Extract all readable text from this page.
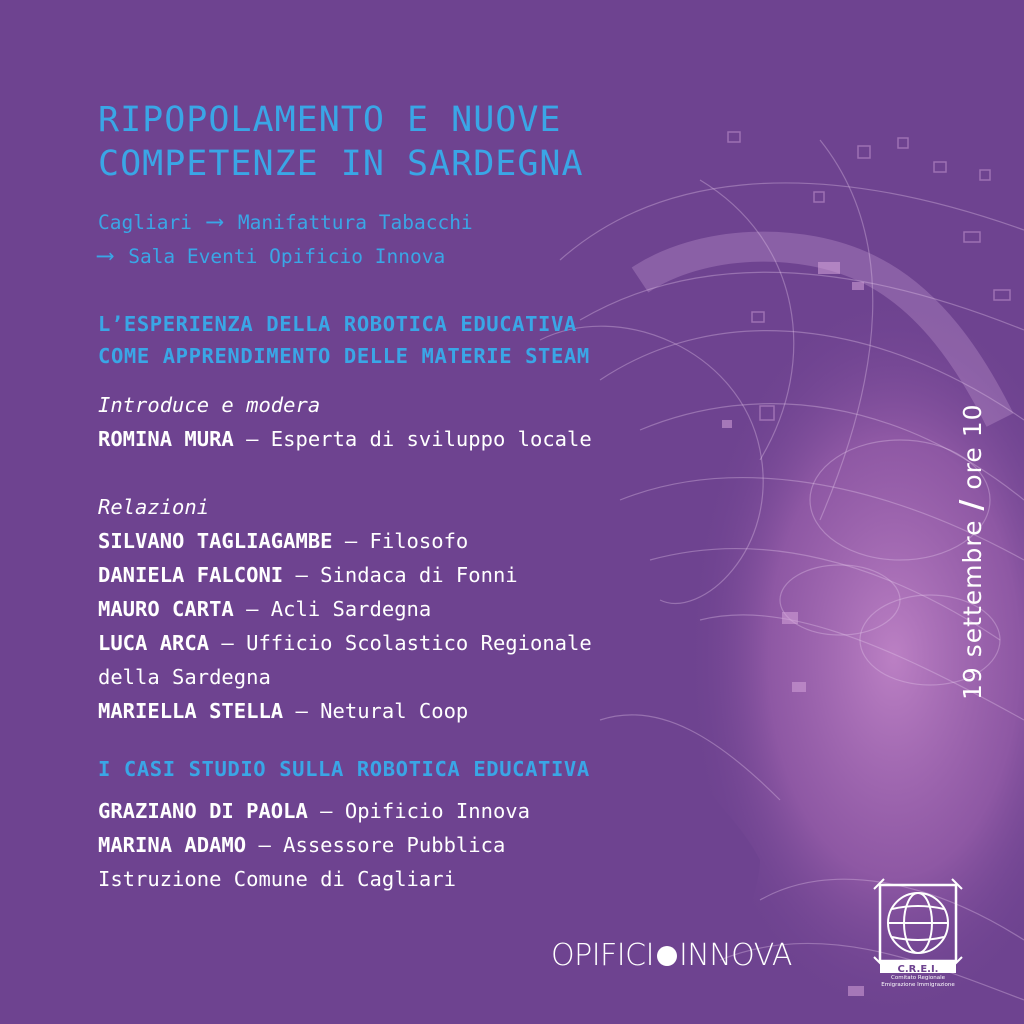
RIPOPOLAMENTO E NUOVE
COMPETENZE IN SARDEGNA
Cagliari ⟶ Manifattura Tabacchi
⟶ Sala Eventi Opificio Innova
L’ESPERIENZA DELLA ROBOTICA EDUCATIVA
COME APPRENDIMENTO DELLE MATERIE STEAM
Introduce e modera
ROMINA MURA – Esperta di sviluppo locale
Relazioni
SILVANO TAGLIAGAMBE – Filosofo
DANIELA FALCONI – Sindaca di Fonni
MAURO CARTA – Acli Sardegna
LUCA ARCA – Ufficio Scolastico Regionale
della Sardegna
MARIELLA STELLA – Netural Coop
I CASI STUDIO SULLA ROBOTICA EDUCATIVA
GRAZIANO DI PAOLA – Opificio Innova
MARINA ADAMO – Assessore Pubblica
Istruzione Comune di Cagliari
19 settembre / ore 10
OPIFICI INNOVA	C.R.E.I.
Comitato Regionale
Emigrazione Immigrazione
